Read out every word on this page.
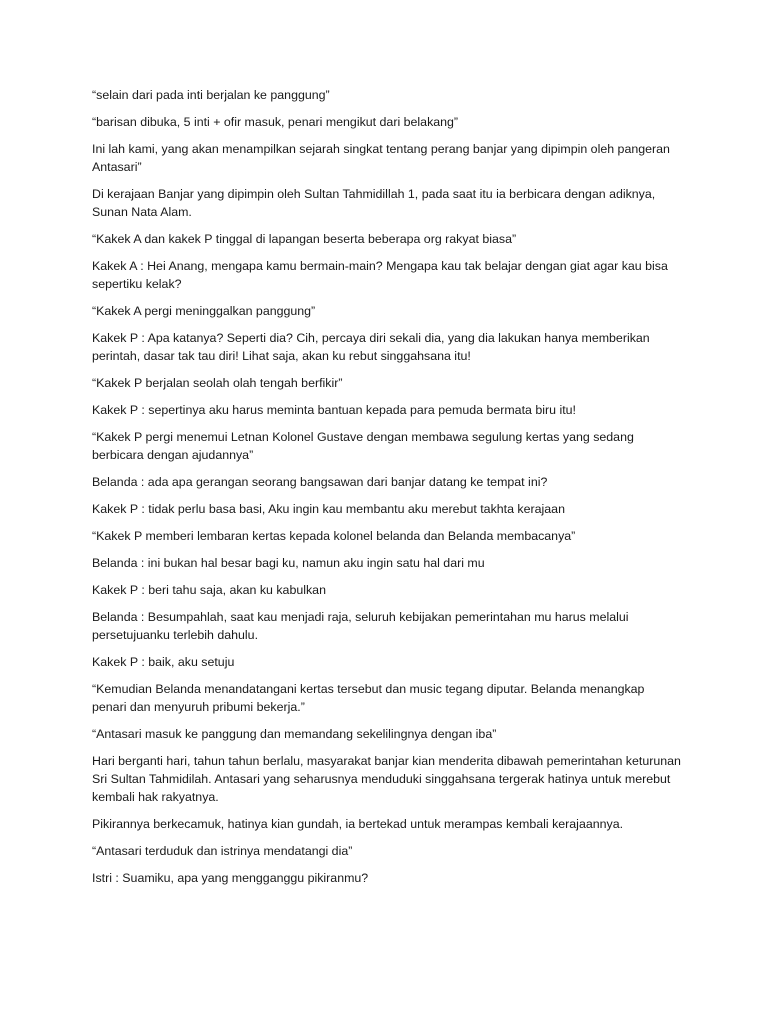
“selain dari pada inti berjalan ke panggung”

“barisan dibuka, 5 inti + ofir masuk, penari mengikut dari belakang”

Ini lah kami, yang akan menampilkan sejarah singkat tentang perang banjar yang dipimpin oleh pangeran Antasari”

Di kerajaan Banjar yang dipimpin oleh Sultan Tahmidillah 1, pada saat itu ia berbicara dengan adiknya, Sunan Nata Alam.

“Kakek A dan kakek P tinggal di lapangan beserta beberapa org rakyat biasa”

Kakek A : Hei Anang, mengapa kamu bermain-main? Mengapa kau tak belajar dengan giat agar kau bisa sepertiku kelak?

“Kakek A pergi meninggalkan panggung”

Kakek P : Apa katanya? Seperti dia? Cih, percaya diri sekali dia, yang dia lakukan hanya memberikan perintah, dasar tak tau diri! Lihat saja, akan ku rebut singgahsana itu!

“Kakek P berjalan seolah olah tengah berfikir”

Kakek P : sepertinya aku harus meminta bantuan kepada para pemuda bermata biru itu!

“Kakek P pergi menemui Letnan Kolonel Gustave dengan membawa segulung kertas yang sedang berbicara dengan ajudannya”

Belanda : ada apa gerangan seorang bangsawan dari banjar datang ke tempat ini?

Kakek P : tidak perlu basa basi, Aku ingin kau membantu aku merebut takhta kerajaan

“Kakek P memberi lembaran kertas kepada kolonel belanda dan Belanda membacanya”

Belanda : ini bukan hal besar bagi ku, namun aku ingin satu hal dari mu

Kakek P : beri tahu saja, akan ku kabulkan

Belanda : Besumpahlah, saat kau menjadi raja, seluruh kebijakan pemerintahan mu harus melalui persetujuanku terlebih dahulu.

Kakek P : baik, aku setuju

“Kemudian Belanda menandatangani kertas tersebut dan music tegang diputar. Belanda menangkap penari dan menyuruh pribumi bekerja.”

“Antasari masuk ke panggung dan memandang sekelilingnya dengan iba”

Hari berganti hari, tahun tahun berlalu, masyarakat banjar kian menderita dibawah pemerintahan keturunan Sri Sultan Tahmidilah. Antasari yang seharusnya menduduki singgahsana tergerak hatinya untuk merebut kembali hak rakyatnya.

Pikirannya berkecamuk, hatinya kian gundah, ia bertekad untuk merampas kembali kerajaannya.

“Antasari terduduk dan istrinya mendatangi dia”

Istri : Suamiku, apa yang mengganggu pikiranmu?
